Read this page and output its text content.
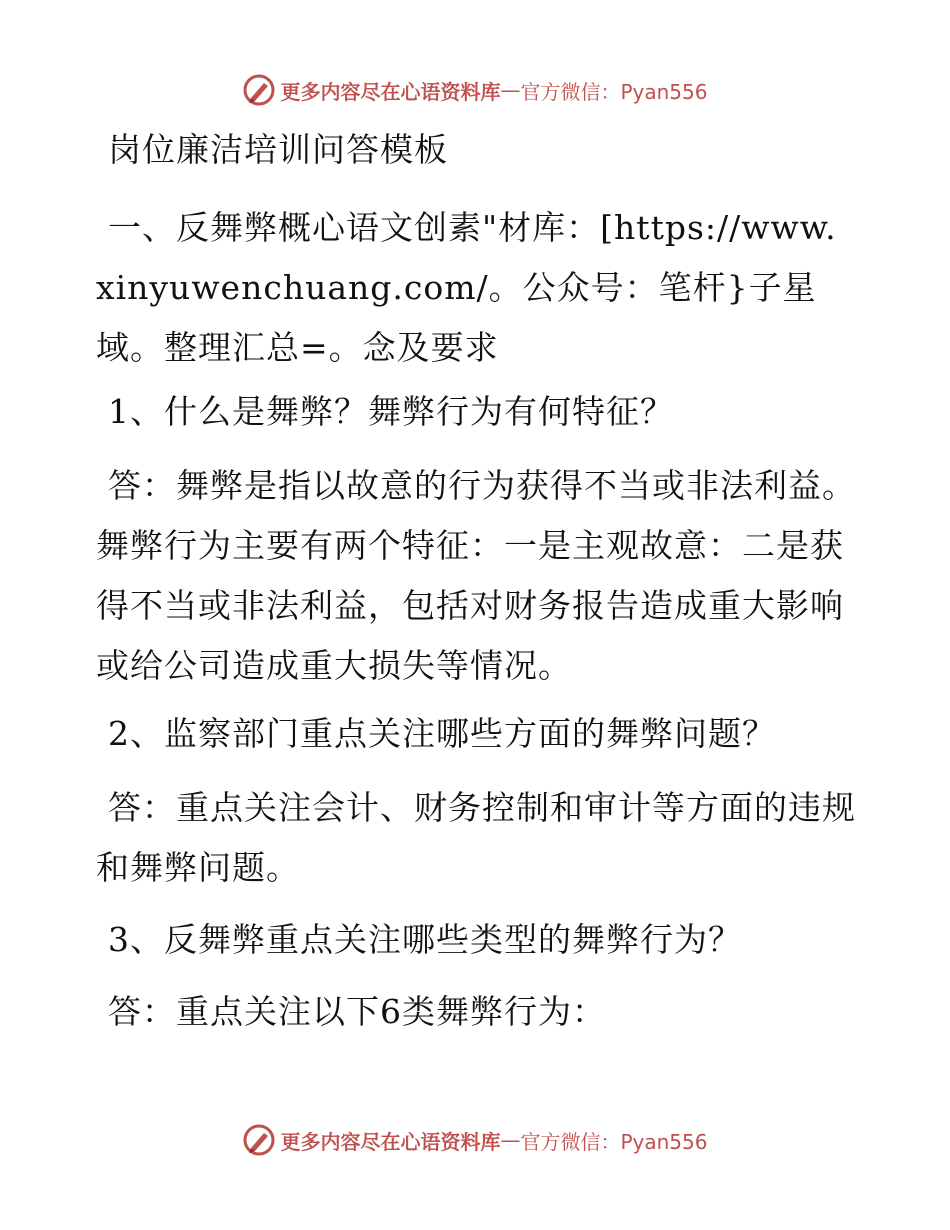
更多内容尽在心语资料库 — 官方微信：Pyan556
岗位廉洁培训问答模板
一、反舞弊概心语文创素"材库：[https://www.xinyuwenchuang.com/。公众号：笔杆}子星域。整理汇总=。念及要求
1、什么是舞弊？舞弊行为有何特征？
答：舞弊是指以故意的行为获得不当或非法利益。舞弊行为主要有两个特征：一是主观故意：二是获得不当或非法利益，包括对财务报告造成重大影响或给公司造成重大损失等情况。
2、监察部门重点关注哪些方面的舞弊问题？
答：重点关注会计、财务控制和审计等方面的违规和舞弊问题。
3、反舞弊重点关注哪些类型的舞弊行为？
答：重点关注以下6类舞弊行为：
更多内容尽在心语资料库 — 官方微信：Pyan556
